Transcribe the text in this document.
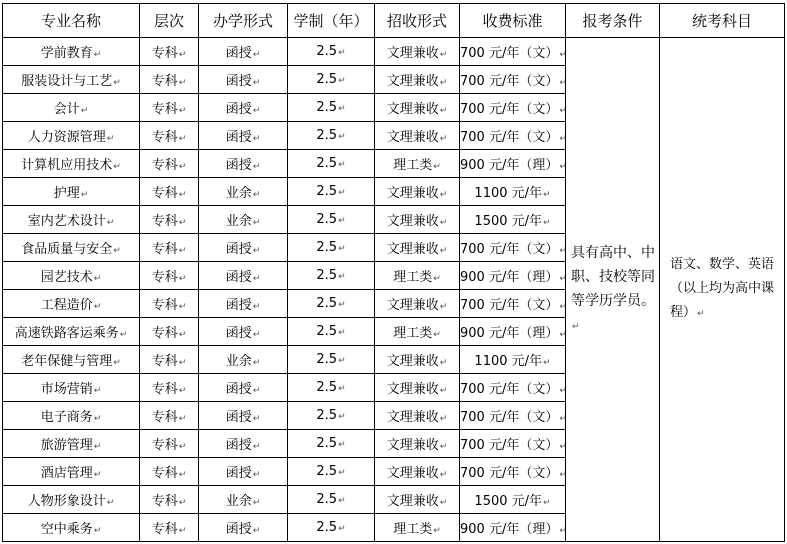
专业名称	层次	办学形式	学制（年）	招收形式	收费标准	报考条件	统考科目
学前教育 ↵	专科 ↵	函授 ↵	2.5 ↵	文理兼收 ↵	700 元/年（文） ↵	具有高中、中职、技校等同等学历学员。 ↵	语文、数学、英语（以上均为高中课程） ↵
服装设计与工艺 ↵	专科 ↵	函授 ↵	2.5 ↵	文理兼收 ↵	700 元/年（文） ↵
会计 ↵	专科 ↵	函授 ↵	2.5 ↵	文理兼收 ↵	700 元/年（文） ↵
人力资源管理 ↵	专科 ↵	函授 ↵	2.5 ↵	文理兼收 ↵	700 元/年（文） ↵
计算机应用技术 ↵	专科 ↵	函授 ↵	2.5 ↵	理工类 ↵	900 元/年（理） ↵
护理 ↵	专科 ↵	业余 ↵	2.5 ↵	文理兼收 ↵	1100 元/年 ↵
室内艺术设计 ↵	专科 ↵	业余 ↵	2.5 ↵	文理兼收 ↵	1500 元/年 ↵
食品质量与安全 ↵	专科 ↵	函授 ↵	2.5 ↵	文理兼收 ↵	700 元/年（文） ↵
园艺技术 ↵	专科 ↵	函授 ↵	2.5 ↵	理工类 ↵	900 元/年（理） ↵
工程造价 ↵	专科 ↵	函授 ↵	2.5 ↵	文理兼收 ↵	700 元/年（文） ↵
高速铁路客运乘务 ↵	专科 ↵	函授 ↵	2.5 ↵	理工类 ↵	900 元/年（理） ↵
老年保健与管理 ↵	专科 ↵	业余 ↵	2.5 ↵	文理兼收 ↵	1100 元/年 ↵
市场营销 ↵	专科 ↵	函授 ↵	2.5 ↵	文理兼收 ↵	700 元/年（文） ↵
电子商务 ↵	专科 ↵	函授 ↵	2.5 ↵	文理兼收 ↵	700 元/年（文） ↵
旅游管理 ↵	专科 ↵	函授 ↵	2.5 ↵	文理兼收 ↵	700 元/年（文） ↵
酒店管理 ↵	专科 ↵	函授 ↵	2.5 ↵	文理兼收 ↵	700 元/年（文） ↵
人物形象设计 ↵	专科 ↵	业余 ↵	2.5 ↵	文理兼收 ↵	1500 元/年 ↵
空中乘务 ↵	专科 ↵	函授 ↵	2.5 ↵	理工类 ↵	900 元/年（理） ↵
